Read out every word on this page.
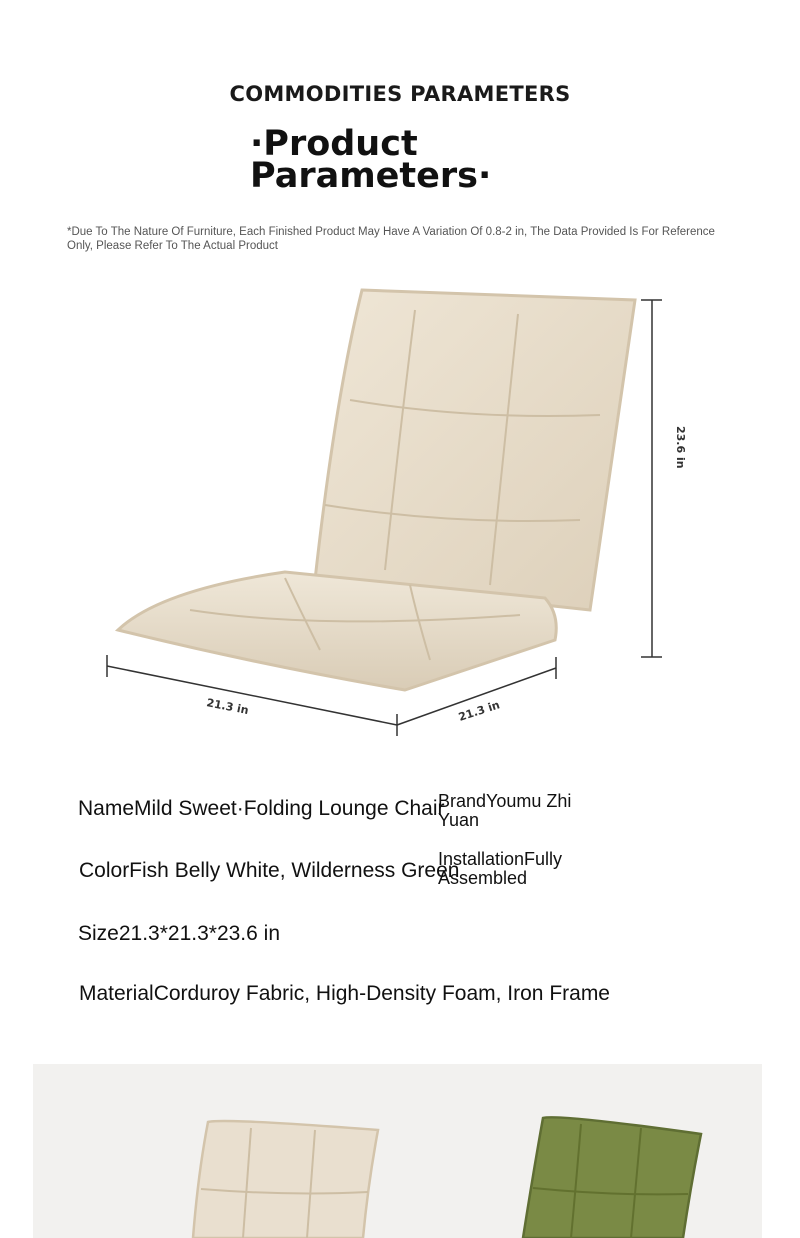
COMMODITIES PARAMETERS
·Product
Parameters·
*Due To The Nature Of Furniture, Each Finished Product May Have A Variation Of 0.8-2 in, The Data Provided Is For Reference Only, Please Refer To The Actual Product
23.6 in
21.3 in	21.3 in
NameMild Sweet·Folding Lounge Chair
BrandYoumu Zhi Yuan
ColorFish Belly White, Wilderness Green
InstallationFully Assembled
Size21.3*21.3*23.6 in
MaterialCorduroy Fabric, High-Density Foam, Iron Frame
